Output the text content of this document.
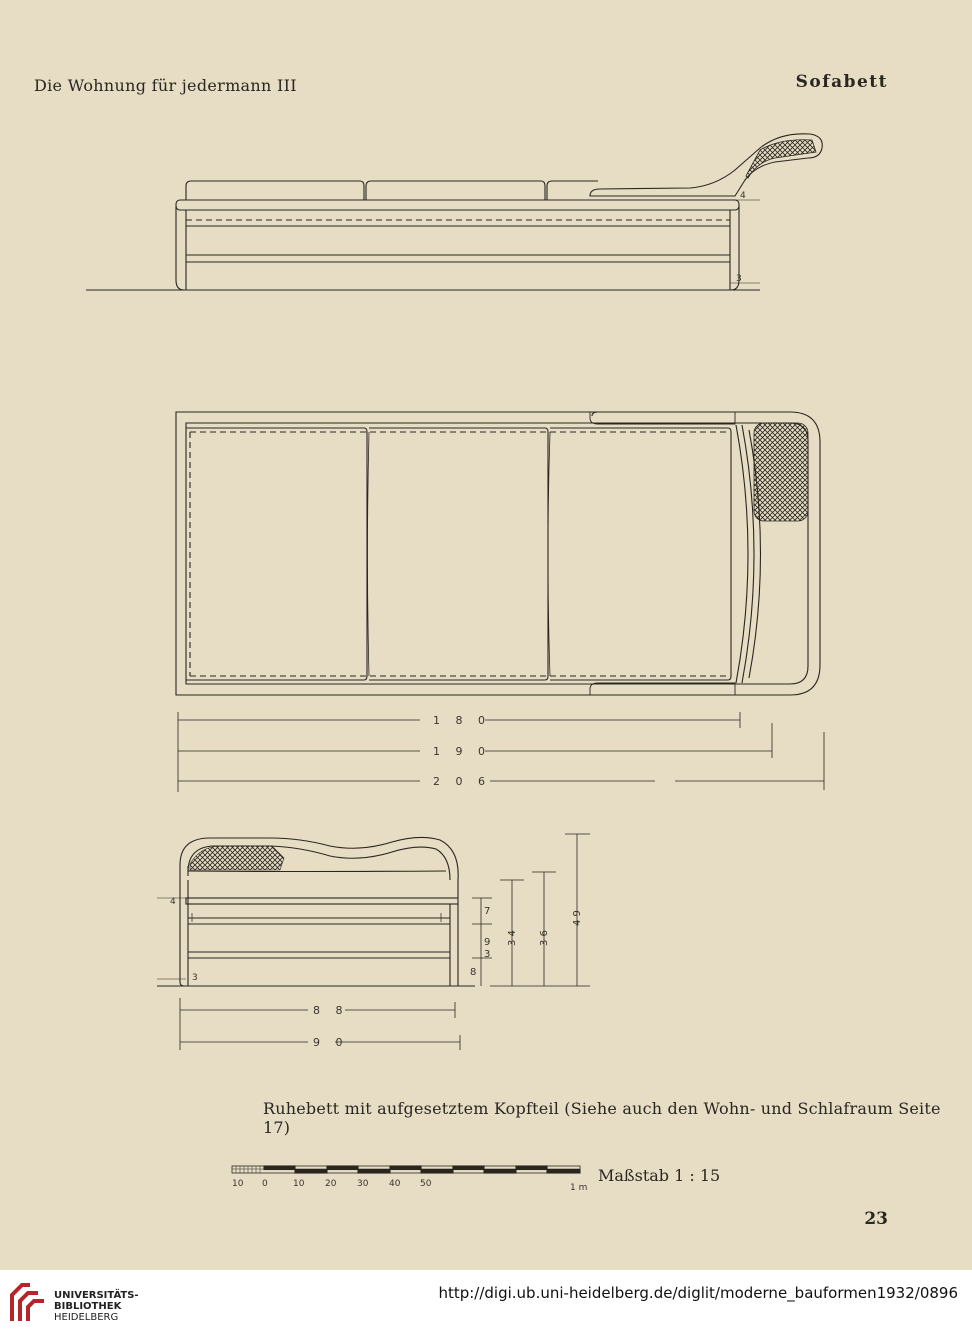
Die Wohnung für jedermann III	Sofabett
1 8 0
1 9 0
2 0 6
8 8
9 0
7
9
3
8
3 4 3 6
4 9
4
3
4
3
10 0	10 20 30 40 50	1 m
Ruhebett mit aufgesetztem Kopfteil (Siehe auch den Wohn- und Schlafraum Seite 17)
Maßstab 1 : 15
23
UNIVERSITÄTS-
BIBLIOTHEK
HEIDELBERG
http://digi.ub.uni-heidelberg.de/diglit/moderne_bauformen1932/0896
